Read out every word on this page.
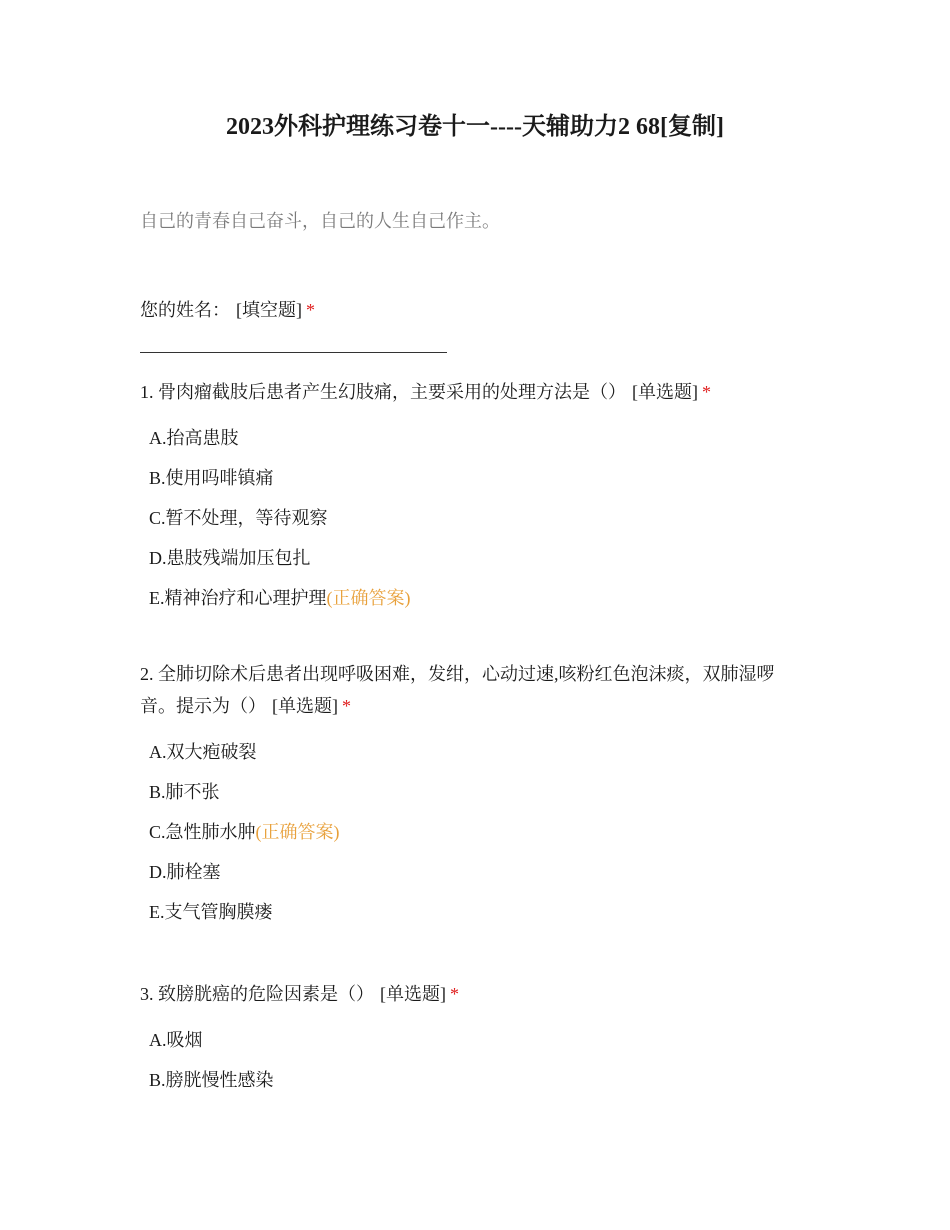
2023外科护理练习卷十一----天辅助力2 68[复制]
自己的青春自己奋斗，自己的人生自己作主。
您的姓名： [填空题] *
1. 骨肉瘤截肢后患者产生幻肢痛，主要采用的处理方法是（） [单选题] *
A.抬高患肢
B.使用吗啡镇痛
C.暂不处理，等待观察
D.患肢残端加压包扎
E.精神治疗和心理护理(正确答案)
2. 全肺切除术后患者出现呼吸困难，发绀，心动过速,咳粉红色泡沫痰，双肺湿啰
音。提示为（） [单选题] *
A.双大疱破裂
B.肺不张
C.急性肺水肿(正确答案)
D.肺栓塞
E.支气管胸膜瘘
3. 致膀胱癌的危险因素是（） [单选题] *
A.吸烟
B.膀胱慢性感染
